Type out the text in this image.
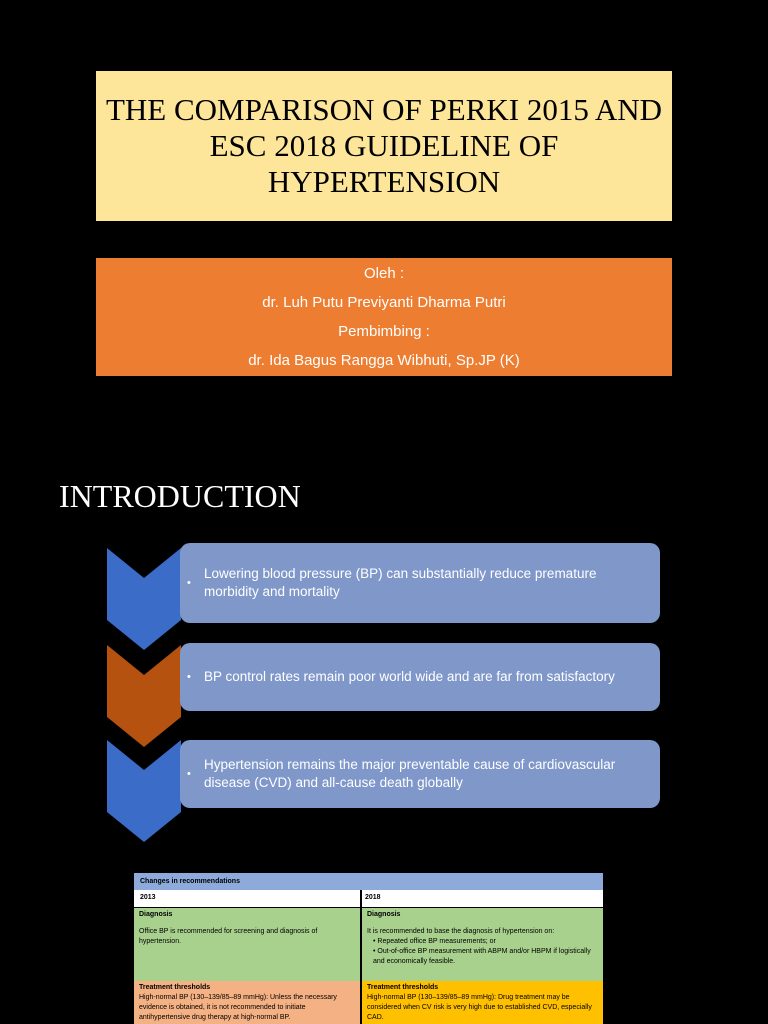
THE COMPARISON OF PERKI 2015 AND ESC 2018 GUIDELINE OF HYPERTENSION
Oleh :
dr. Luh Putu Previyanti Dharma Putri
Pembimbing :
dr. Ida Bagus Rangga Wibhuti, Sp.JP (K)
INTRODUCTION
•
Lowering blood pressure (BP) can substantially reduce premature morbidity and mortality
• BP control rates remain poor world wide and are far from satisfactory
•
Hypertension remains the major preventable cause of cardiovascular disease (CVD) and all-cause death globally
Changes in recommendations
2013	2018
Diagnosis	Diagnosis
Office BP is recommended for screening and diagnosis of hypertension.
It is recommended to base the diagnosis of hypertension on:
• Repeated office BP measurements; or
• Out-of-office BP measurement with ABPM and/or HBPM if logistically and economically feasible.
Treatment thresholds
High-normal BP (130–139/85–89 mmHg): Unless the necessary evidence is obtained, it is not recommended to initiate antihypertensive drug therapy at high-normal BP.
Treatment thresholds
High-normal BP (130–139/85–89 mmHg): Drug treatment may be considered when CV risk is very high due to established CVD, especially CAD.
